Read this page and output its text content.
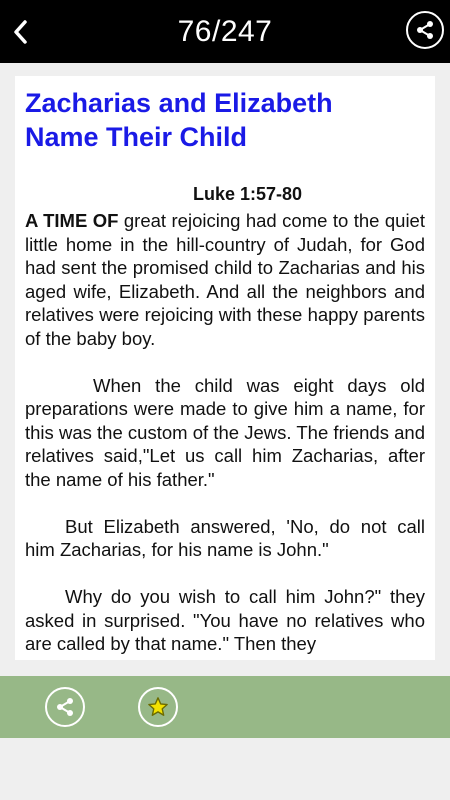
76/247
Zacharias and Elizabeth
Name Their Child
Luke 1:57-80

A TIME OF great rejoicing had come to the quiet little home in the hill-country of Judah, for God had sent the promised child to Zacharias and his aged wife, Elizabeth. And all the neighbors and relatives were rejoicing with these happy parents of the baby boy.

When the child was eight days old preparations were made to give him a name, for this was the custom of the Jews. The friends and relatives said,"Let us call him Zacharias, after the name of his father."

But Elizabeth answered, 'No, do not call him Zacharias, for his name is John."

Why do you wish to call him John?" they asked in surprised. "You have no relatives who are called by that name." Then they
